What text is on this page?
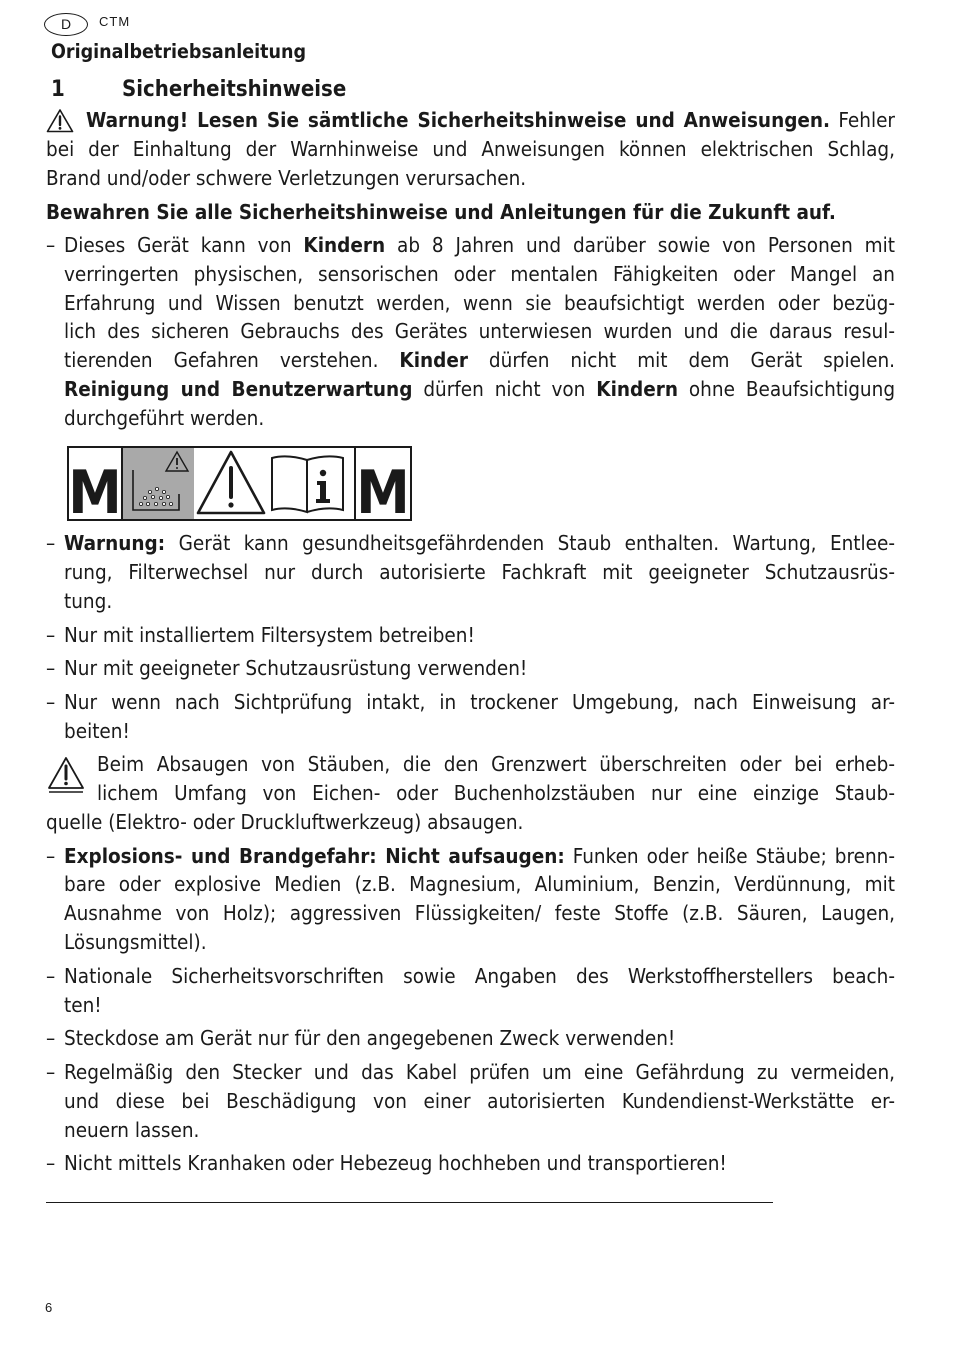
D	CTM
Originalbetriebsanleitung
1	Sicherheitshinweise
Warnung! Lesen Sie sämtliche Sicherheitshinweise und Anweisungen. Fehler
bei der Einhaltung der Warnhinweise und Anweisungen können elektrischen Schlag,
Brand und/oder schwere Verletzungen verursachen.
Bewahren Sie alle Sicherheitshinweise und Anleitungen für die Zukunft auf.
– Dieses Gerät kann von Kindern ab 8 Jahren und darüber sowie von Personen mit
verringerten physischen, sensorischen oder mentalen Fähigkeiten oder Mangel an
Erfahrung und Wissen benutzt werden, wenn sie beaufsichtigt werden oder bezüg-
lich des sicheren Gebrauchs des Gerätes unterwiesen wurden und die daraus resul-
tierenden Gefahren verstehen. Kinder dürfen nicht mit dem Gerät spielen.
Reinigung und Benutzerwartung dürfen nicht von Kindern ohne Beaufsichtigung
durchgeführt werden.
M	M
– Warnung: Gerät kann gesundheitsgefährdenden Staub enthalten. Wartung, Entlee-
rung, Filterwechsel nur durch autorisierte Fachkraft mit geeigneter Schutzausrüs-
tung.
– Nur mit installiertem Filtersystem betreiben!
– Nur mit geeigneter Schutzausrüstung verwenden!
– Nur wenn nach Sichtprüfung intakt, in trockener Umgebung, nach Einweisung ar-
beiten!
Beim Absaugen von Stäuben, die den Grenzwert überschreiten oder bei erheb-
lichem Umfang von Eichen- oder Buchenholzstäuben nur eine einzige Staub-
quelle (Elektro- oder Druckluftwerkzeug) absaugen.
– Explosions- und Brandgefahr: Nicht aufsaugen: Funken oder heiße Stäube; brenn-
bare oder explosive Medien (z.B. Magnesium, Aluminium, Benzin, Verdünnung, mit
Ausnahme von Holz); aggressiven Flüssigkeiten/ feste Stoffe (z.B. Säuren, Laugen,
Lösungsmittel).
– Nationale Sicherheitsvorschriften sowie Angaben des Werkstoffherstellers beach-
ten!
– Steckdose am Gerät nur für den angegebenen Zweck verwenden!
– Regelmäßig den Stecker und das Kabel prüfen um eine Gefährdung zu vermeiden,
und diese bei Beschädigung von einer autorisierten Kundendienst-Werkstätte er-
neuern lassen.
– Nicht mittels Kranhaken oder Hebezeug hochheben und transportieren!
6
